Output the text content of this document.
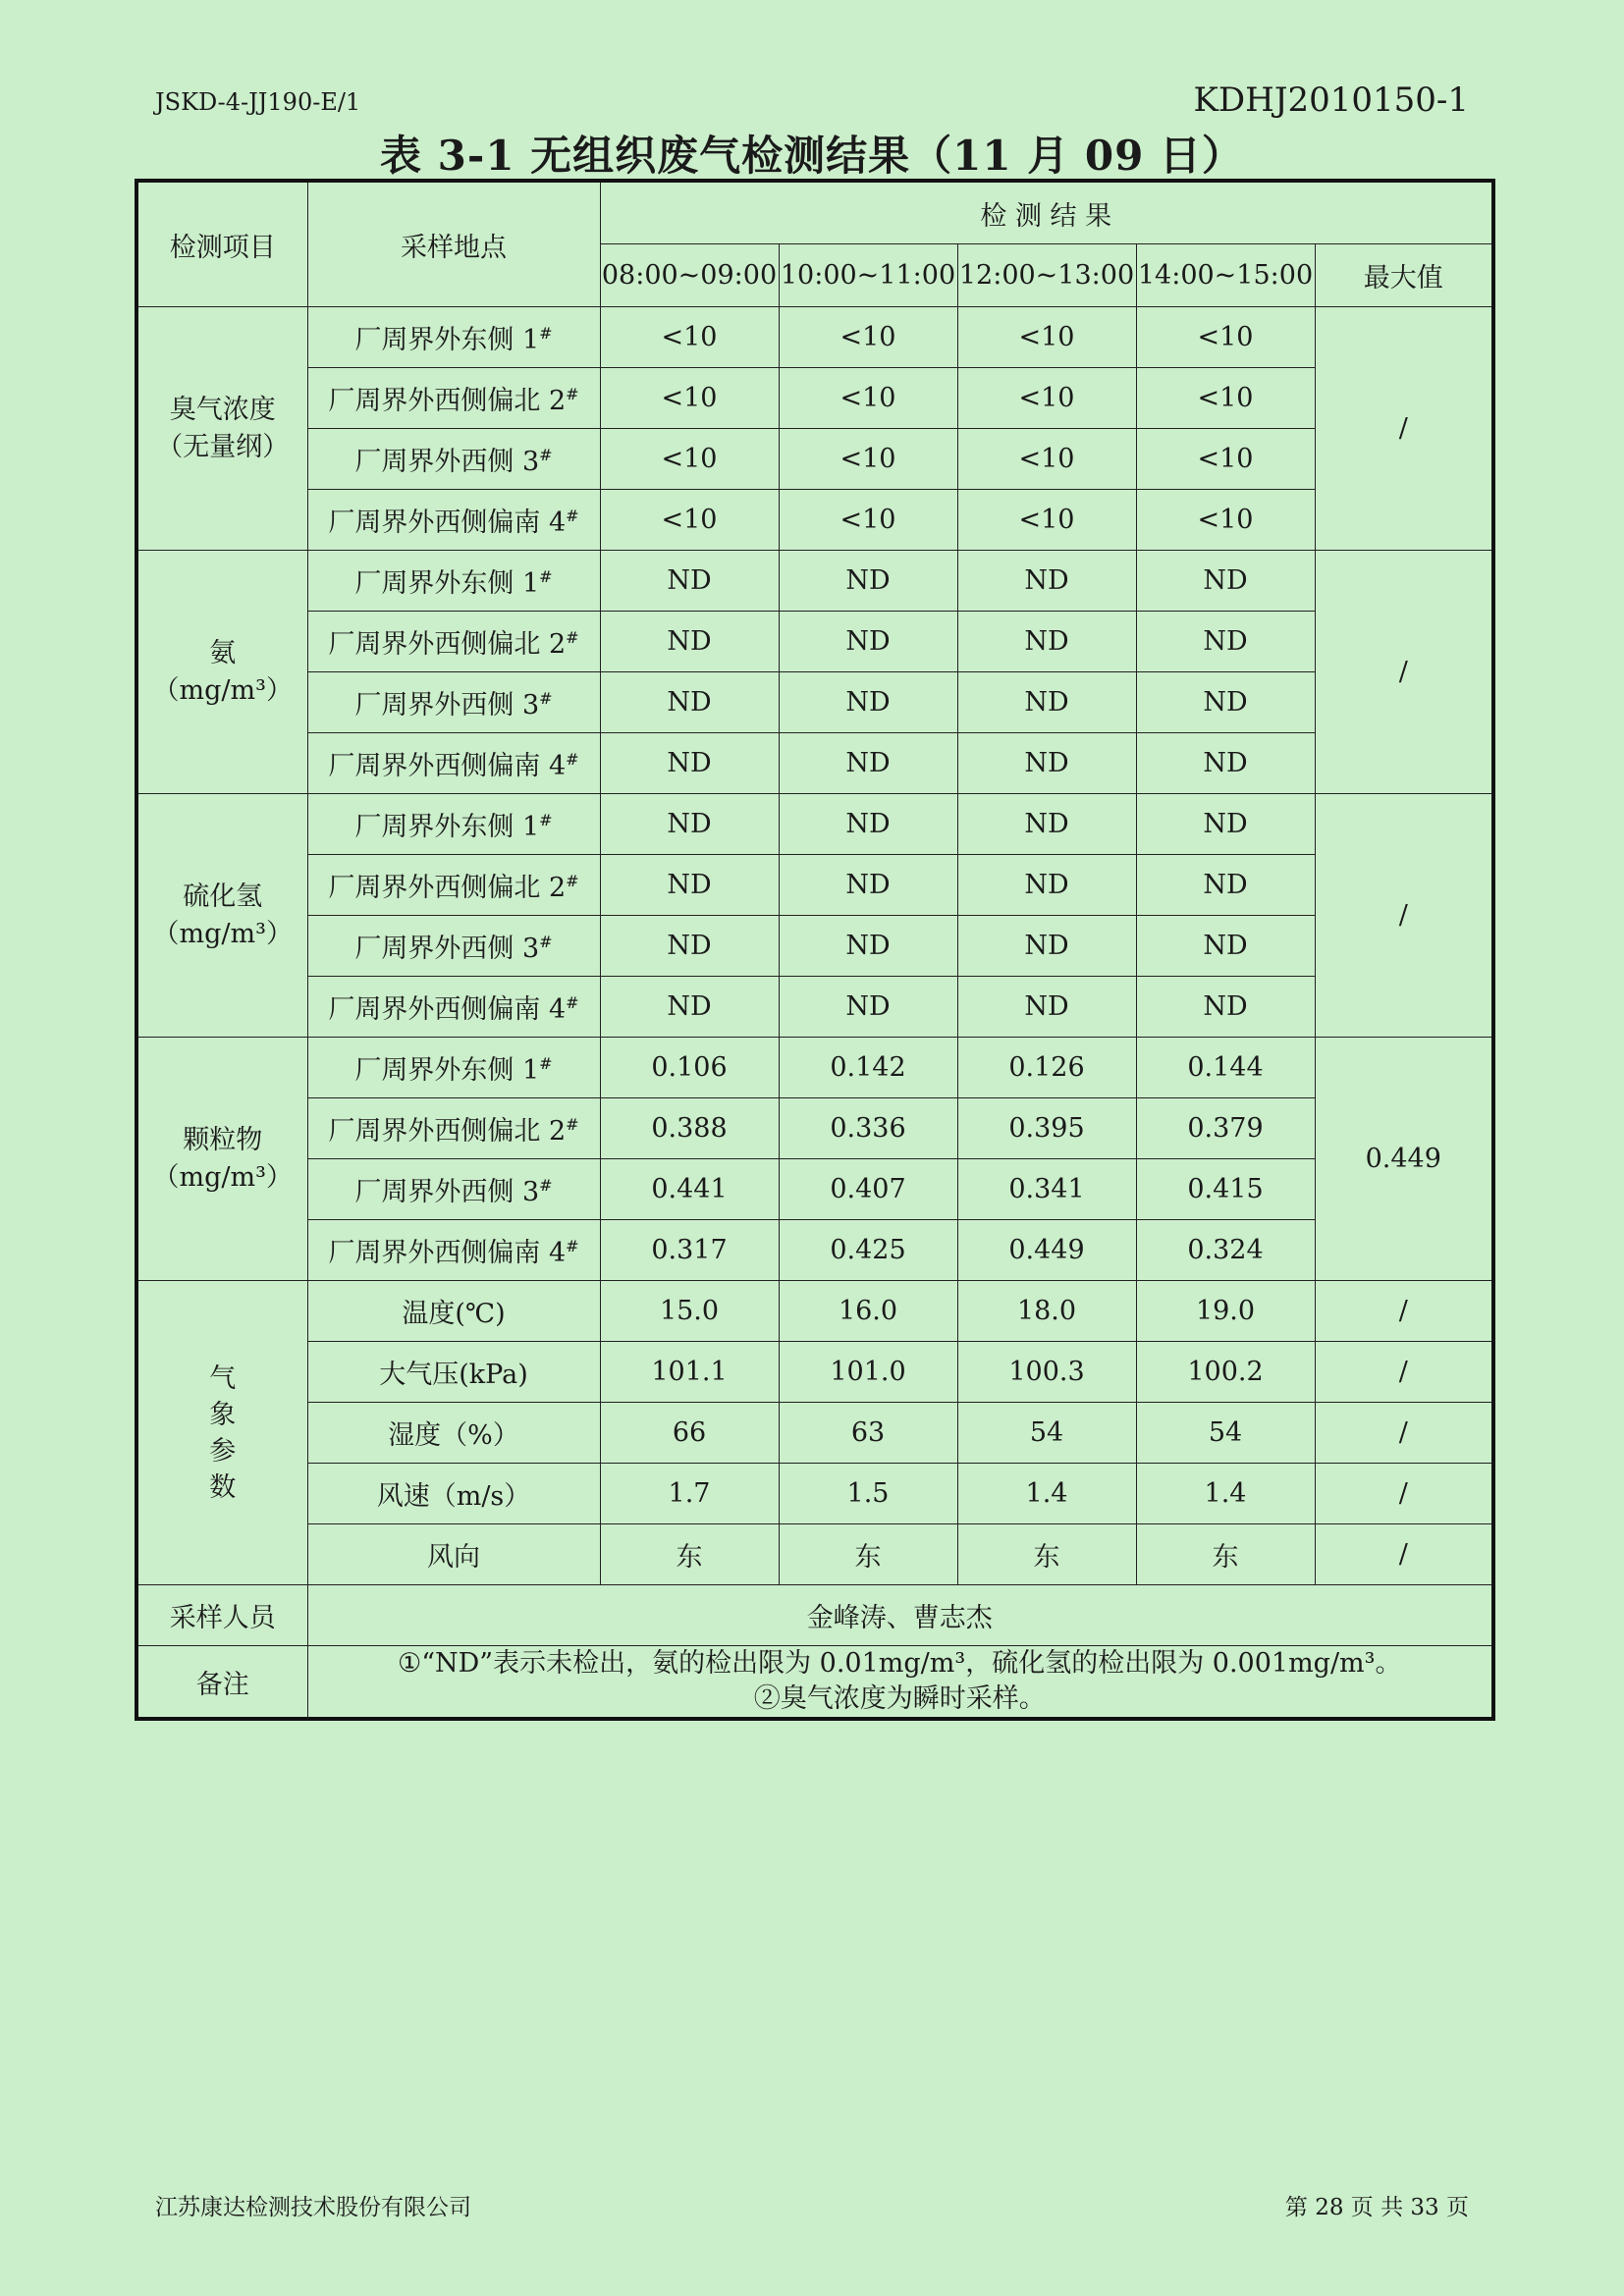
JSKD-4-JJ190-E/1	KDHJ2010150-1
表 3-1 无组织废气检测结果（11 月 09 日）
检测项目	采样地点	检 测 结 果				
		08:00~09:00	10:00~11:00	12:00~13:00	14:00~15:00	最大值
臭气浓度
（无量纲）	厂周界外东侧 1#	<10	<10	<10	<10	/
	厂周界外西侧偏北 2#	<10	<10	<10	<10	
	厂周界外西侧 3#	<10	<10	<10	<10	
	厂周界外西侧偏南 4#	<10	<10	<10	<10	
氨
（mg/m³）	厂周界外东侧 1#	ND	ND	ND	ND	/
	厂周界外西侧偏北 2#	ND	ND	ND	ND	
	厂周界外西侧 3#	ND	ND	ND	ND	
	厂周界外西侧偏南 4#	ND	ND	ND	ND	
硫化氢
（mg/m³）	厂周界外东侧 1#	ND	ND	ND	ND	/
	厂周界外西侧偏北 2#	ND	ND	ND	ND	
	厂周界外西侧 3#	ND	ND	ND	ND	
	厂周界外西侧偏南 4#	ND	ND	ND	ND	
颗粒物
（mg/m³）	厂周界外东侧 1#	0.106	0.142	0.126	0.144	0.449
	厂周界外西侧偏北 2#	0.388	0.336	0.395	0.379	
	厂周界外西侧 3#	0.441	0.407	0.341	0.415	
	厂周界外西侧偏南 4#	0.317	0.425	0.449	0.324	
气
象
参
数	温度(℃)	15.0	16.0	18.0	19.0	/
	大气压(kPa)	101.1	101.0	100.3	100.2	/
	湿度（%）	66	63	54	54	/
	风速（m/s）	1.7	1.5	1.4	1.4	/
	风向	东	东	东	东	/
采样人员	金峰涛、曹志杰					
备注	①“ND”表示未检出，氨的检出限为 0.01mg/m³，硫化氢的检出限为 0.001mg/m³。
②臭气浓度为瞬时采样。					
江苏康达检测技术股份有限公司	第 28 页 共 33 页
